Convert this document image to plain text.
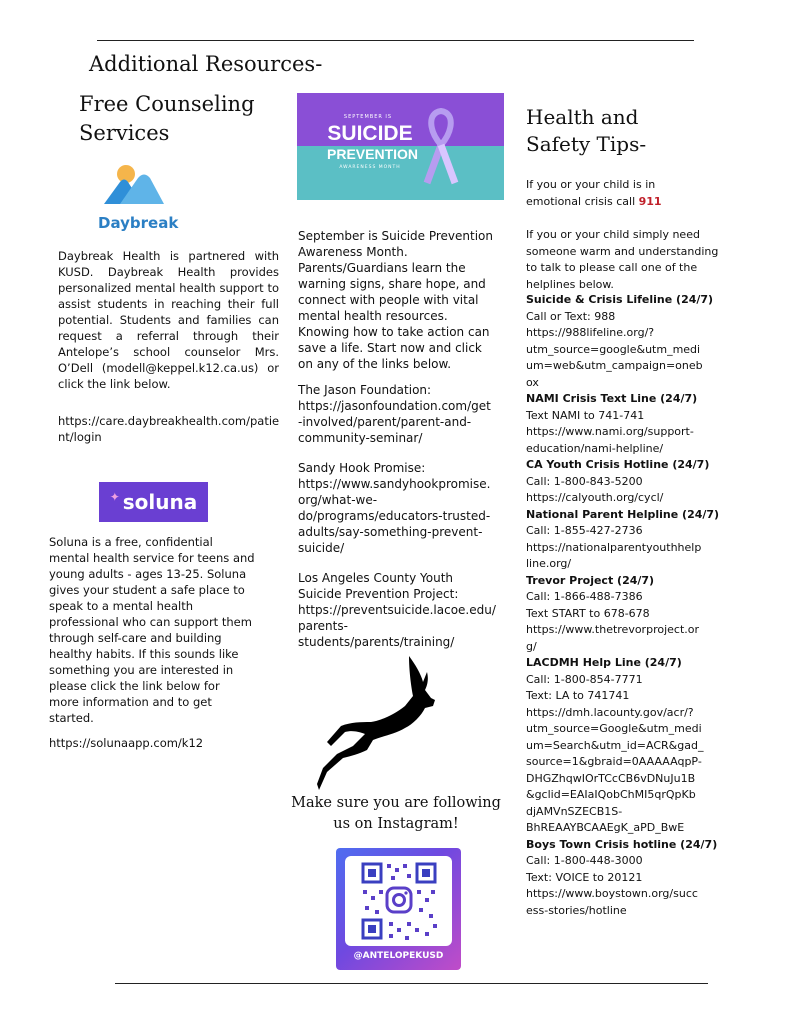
Additional Resources-
Free Counseling Services
Daybreak
Daybreak Health is partnered with KUSD. Daybreak Health provides personalized mental health support to assist students in reaching their full potential. Students and families can request a referral through their Antelope’s school counselor Mrs. O’Dell (modell@keppel.k12.ca.us) or click the link below.
https://care.daybreakhealth.com/patient/login
✦ soluna
Soluna is a free, confidential
mental health service for teens and
young adults - ages 13-25. Soluna
gives your student a safe place to
speak to a mental health
professional who can support them
through self-care and building
healthy habits. If this sounds like
something you are interested in
please click the link below for
more information and to get
started.
https://solunaapp.com/k12
SEPTEMBER IS
SUICIDE
PREVENTION
AWARENESS MONTH
September is Suicide Prevention
Awareness Month.
Parents/Guardians learn the
warning signs, share hope, and
connect with people with vital
mental health resources.
Knowing how to take action can
save a life. Start now and click
on any of the links below.
The Jason Foundation:
https://jasonfoundation.com/get
-involved/parent/parent-and-
community-seminar/
Sandy Hook Promise:
https://www.sandyhookpromise.
org/what-we-
do/programs/educators-trusted-
adults/say-something-prevent-
suicide/
Los Angeles County Youth
Suicide Prevention Project:
https://preventsuicide.lacoe.edu/
parents-
students/parents/training/
Make sure you are following
us on Instagram!
@ANTELOPEKUSD
Health and Safety Tips-
If you or your child is in emotional crisis call 911
If you or your child simply need someone warm and understanding to talk to please call one of the helplines below.
Suicide & Crisis Lifeline (24/7)
Call or Text: 988
https://988lifeline.org/?
utm_source=google&utm_medi
um=web&utm_campaign=oneb
ox
NAMI Crisis Text Line (24/7)
Text NAMI to 741-741
https://www.nami.org/support-
education/nami-helpline/
CA Youth Crisis Hotline (24/7)
Call: 1-800-843-5200
https://calyouth.org/cycl/
National Parent Helpline (24/7)
Call: 1-855-427-2736
https://nationalparentyouthhelp
line.org/
Trevor Project (24/7)
Call: 1-866-488-7386
Text START to 678-678
https://www.thetrevorproject.or
g/
LACDMH Help Line (24/7)
Call: 1-800-854-7771
Text: LA to 741741
https://dmh.lacounty.gov/acr/?
utm_source=Google&utm_medi
um=Search&utm_id=ACR&gad_
source=1&gbraid=0AAAAAqpP-
DHGZhqwIOrTCcCB6vDNuJu1B
&gclid=EAIaIQobChMI5qrQpKb
djAMVnSZECB1S-
BhREAAYBCAAEgK_aPD_BwE
Boys Town Crisis hotline (24/7)
Call: 1-800-448-3000
Text: VOICE to 20121
https://www.boystown.org/succ
ess-stories/hotline
